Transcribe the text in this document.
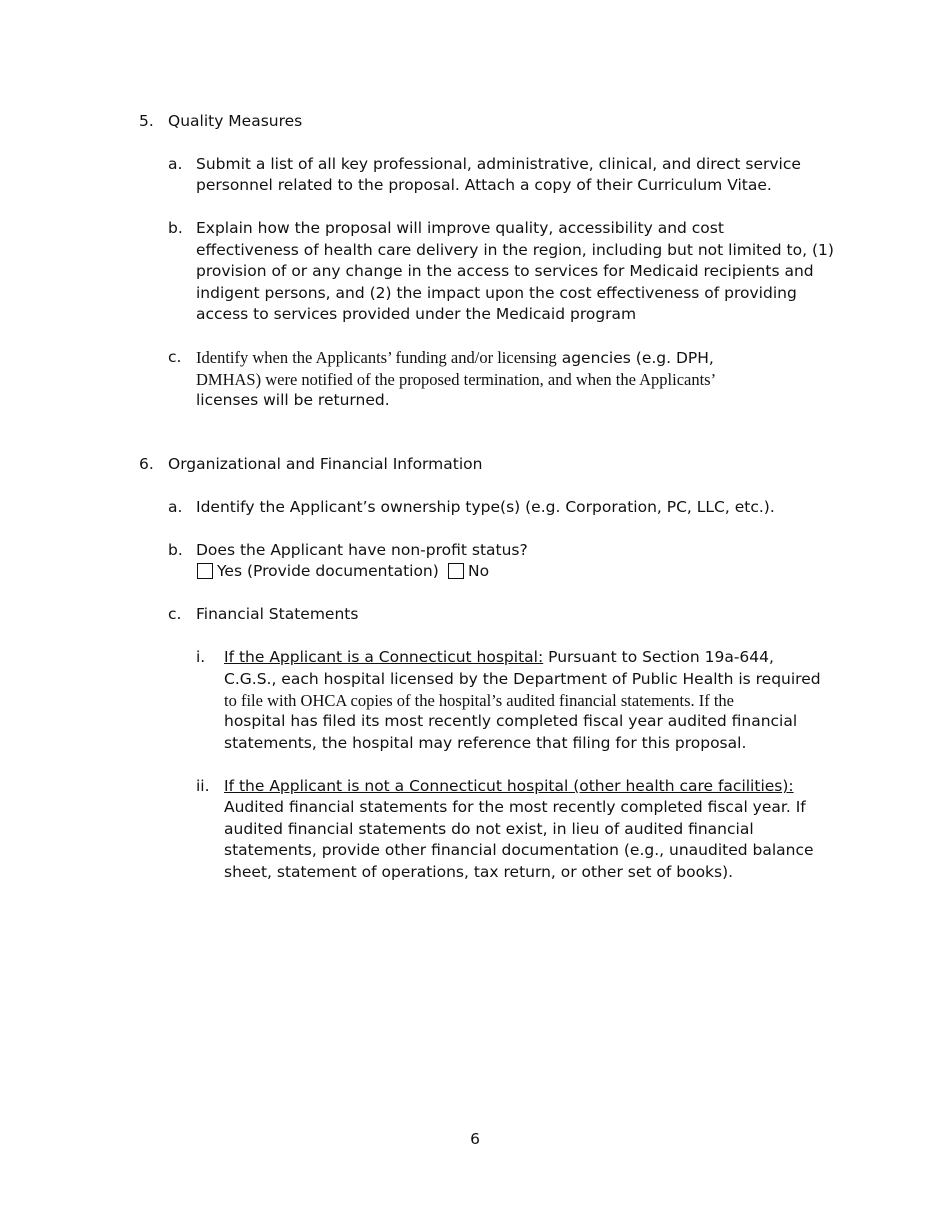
5. Quality Measures
a. Submit a list of all key professional, administrative, clinical, and direct service
personnel related to the proposal. Attach a copy of their Curriculum Vitae.
b. Explain how the proposal will improve quality, accessibility and cost
effectiveness of health care delivery in the region, including but not limited to, (1)
provision of or any change in the access to services for Medicaid recipients and
indigent persons, and (2) the impact upon the cost effectiveness of providing
access to services provided under the Medicaid program
c. Identify when the Applicants’ funding and/or licensing agencies (e.g. DPH,
DMHAS) were notified of the proposed termination, and when the Applicants’
licenses will be returned.
6. Organizational and Financial Information
a. Identify the Applicant’s ownership type(s) (e.g. Corporation, PC, LLC, etc.).
b. Does the Applicant have non-profit status?
Yes (Provide documentation)	No
c. Financial Statements
i. If the Applicant is a Connecticut hospital: Pursuant to Section 19a-644,
C.G.S., each hospital licensed by the Department of Public Health is required
to file with OHCA copies of the hospital’s audited financial statements. If the
hospital has filed its most recently completed fiscal year audited financial
statements, the hospital may reference that filing for this proposal.
ii. If the Applicant is not a Connecticut hospital (other health care facilities):
Audited financial statements for the most recently completed fiscal year. If
audited financial statements do not exist, in lieu of audited financial
statements, provide other financial documentation (e.g., unaudited balance
sheet, statement of operations, tax return, or other set of books).
6
